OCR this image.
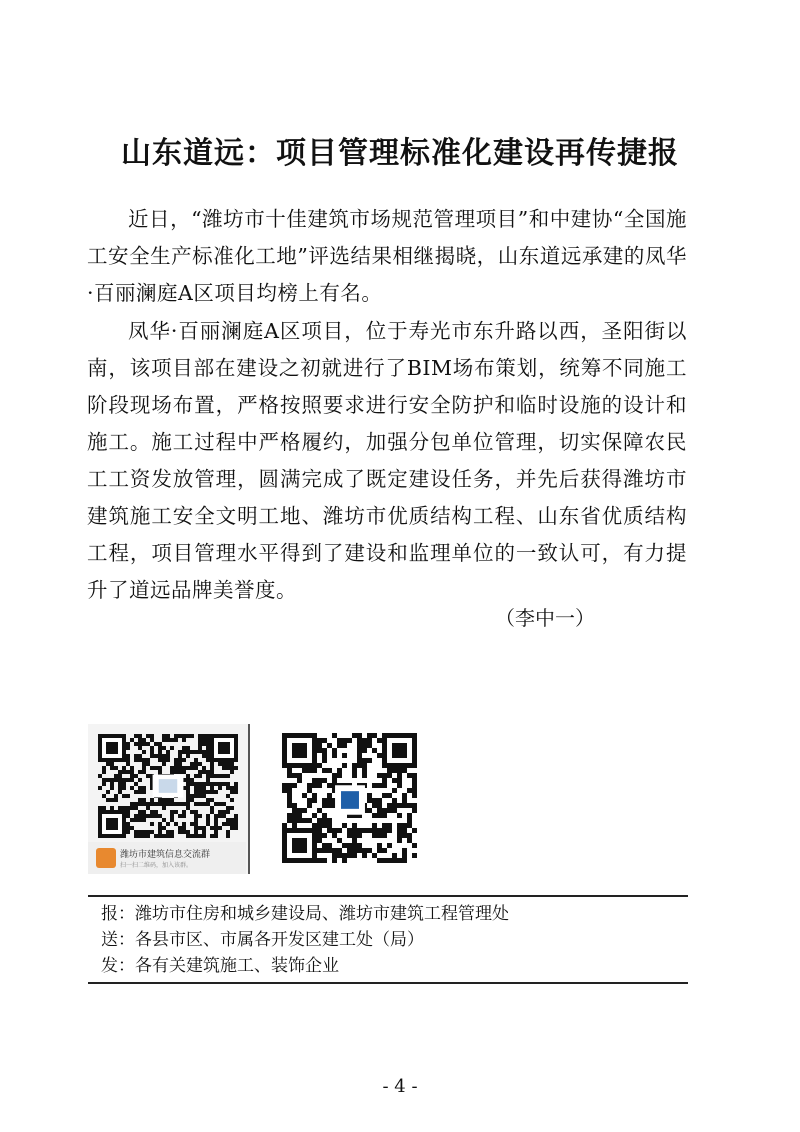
山东道远：项目管理标准化建设再传捷报

近日，“潍坊市十佳建筑市场规范管理项目”和中建协“全国施工安全生产标准化工地”评选结果相继揭晓，山东道远承建的凤华·百丽澜庭A区项目均榜上有名。

凤华·百丽澜庭A区项目，位于寿光市东升路以西，圣阳街以南，该项目部在建设之初就进行了BIM场布策划，统筹不同施工阶段现场布置，严格按照要求进行安全防护和临时设施的设计和施工。施工过程中严格履约，加强分包单位管理，切实保障农民工工资发放管理，圆满完成了既定建设任务，并先后获得潍坊市建筑施工安全文明工地、潍坊市优质结构工程、山东省优质结构工程，项目管理水平得到了建设和监理单位的一致认可，有力提升了道远品牌美誉度。

（李中一）
潍坊市建筑信息交流群
扫一扫二维码，加入该群。
报：潍坊市住房和城乡建设局、潍坊市建筑工程管理处
送：各县市区、市属各开发区建工处（局）
发：各有关建筑施工、装饰企业
- 4 -
